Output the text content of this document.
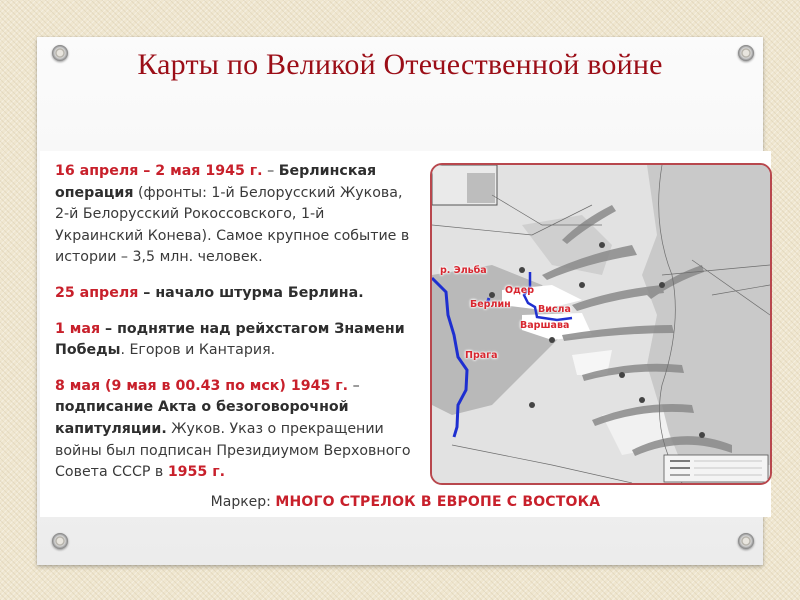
Карты по Великой Отечественной войне

16 апреля – 2 мая 1945 г. – Берлинская операция (фронты: 1-й Белорусский Жукова, 2-й Белорусский Рокоссовского, 1-й Украинский Конева). Самое крупное событие в истории – 3,5 млн. человек.

25 апреля – начало штурма Берлина.

1 мая – поднятие над рейхстагом Знамени Победы. Егоров и Кантария.

8 мая (9 мая в 00.43 по мск) 1945 г. – подписание Акта о безоговорочной капитуляции. Жуков. Указ о прекращении войны был подписан Президиумом Верховного Совета СССР в 1955 г.

р. Эльба
Одер
Берлин	Висла
Варшава
Прага
Маркер: МНОГО СТРЕЛОК В ЕВРОПЕ С ВОСТОКА
